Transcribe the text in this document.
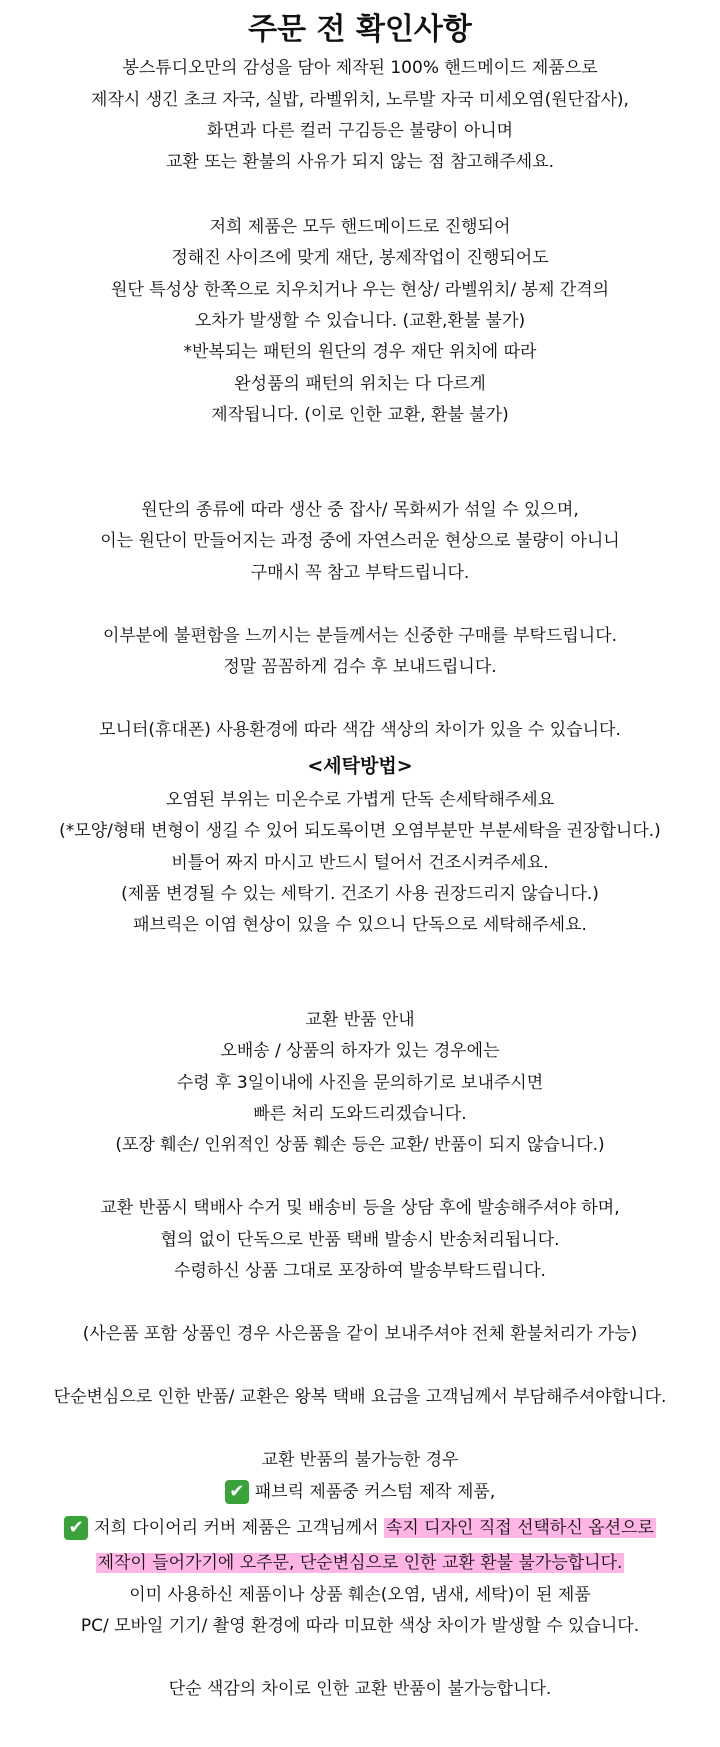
주문 전 확인사항

봉스튜디오만의 감성을 담아 제작된 100% 핸드메이드 제품으로

제작시 생긴 초크 자국, 실밥, 라벨위치, 노루발 자국 미세오염(원단잡사),

화면과 다른 컬러 구김등은 불량이 아니며

교환 또는 환불의 사유가 되지 않는 점 참고해주세요.

저희 제품은 모두 핸드메이드로 진행되어

정해진 사이즈에 맞게 재단, 봉제작업이 진행되어도

원단 특성상 한쪽으로 치우치거나 우는 현상/ 라벨위치/ 봉제 간격의

오차가 발생할 수 있습니다. (교환,환불 불가)

*반복되는 패턴의 원단의 경우 재단 위치에 따라

완성품의 패턴의 위치는 다 다르게

제작됩니다. (이로 인한 교환, 환불 불가)

원단의 종류에 따라 생산 중 잡사/ 목화씨가 섞일 수 있으며,

이는 원단이 만들어지는 과정 중에 자연스러운 현상으로 불량이 아니니

구매시 꼭 참고 부탁드립니다.

이부분에 불편함을 느끼시는 분들께서는 신중한 구매를 부탁드립니다.

정말 꼼꼼하게 검수 후 보내드립니다.

모니터(휴대폰) 사용환경에 따라 색감 색상의 차이가 있을 수 있습니다.

<세탁방법>

오염된 부위는 미온수로 가볍게 단독 손세탁해주세요

(*모양/형태 변형이 생길 수 있어 되도록이면 오염부분만 부분세탁을 권장합니다.)

비틀어 짜지 마시고 반드시 털어서 건조시켜주세요.

(제품 변경될 수 있는 세탁기. 건조기 사용 권장드리지 않습니다.)

패브릭은 이염 현상이 있을 수 있으니 단독으로 세탁해주세요.

교환 반품 안내

오배송 / 상품의 하자가 있는 경우에는

수령 후 3일이내에 사진을 문의하기로 보내주시면

빠른 처리 도와드리겠습니다.

(포장 훼손/ 인위적인 상품 훼손 등은 교환/ 반품이 되지 않습니다.)

교환 반품시 택배사 수거 및 배송비 등을 상담 후에 발송해주셔야 하며,

협의 없이 단독으로 반품 택배 발송시 반송처리됩니다.

수령하신 상품 그대로 포장하여 발송부탁드립니다.

(사은품 포함 상품인 경우 사은품을 같이 보내주셔야 전체 환불처리가 가능)

단순변심으로 인한 반품/ 교환은 왕복 택배 요금을 고객님께서 부담해주셔야합니다.

교환 반품의 불가능한 경우

✔ 패브릭 제품중 커스텀 제작 제품,

✔ 저희 다이어리 커버 제품은 고객님께서 속지 디자인 직접 선택하신 옵션으로

제작이 들어가기에 오주문, 단순변심으로 인한 교환 환불 불가능합니다.

이미 사용하신 제품이나 상품 훼손(오염, 냄새, 세탁)이 된 제품

PC/ 모바일 기기/ 촬영 환경에 따라 미묘한 색상 차이가 발생할 수 있습니다.

단순 색감의 차이로 인한 교환 반품이 불가능합니다.
